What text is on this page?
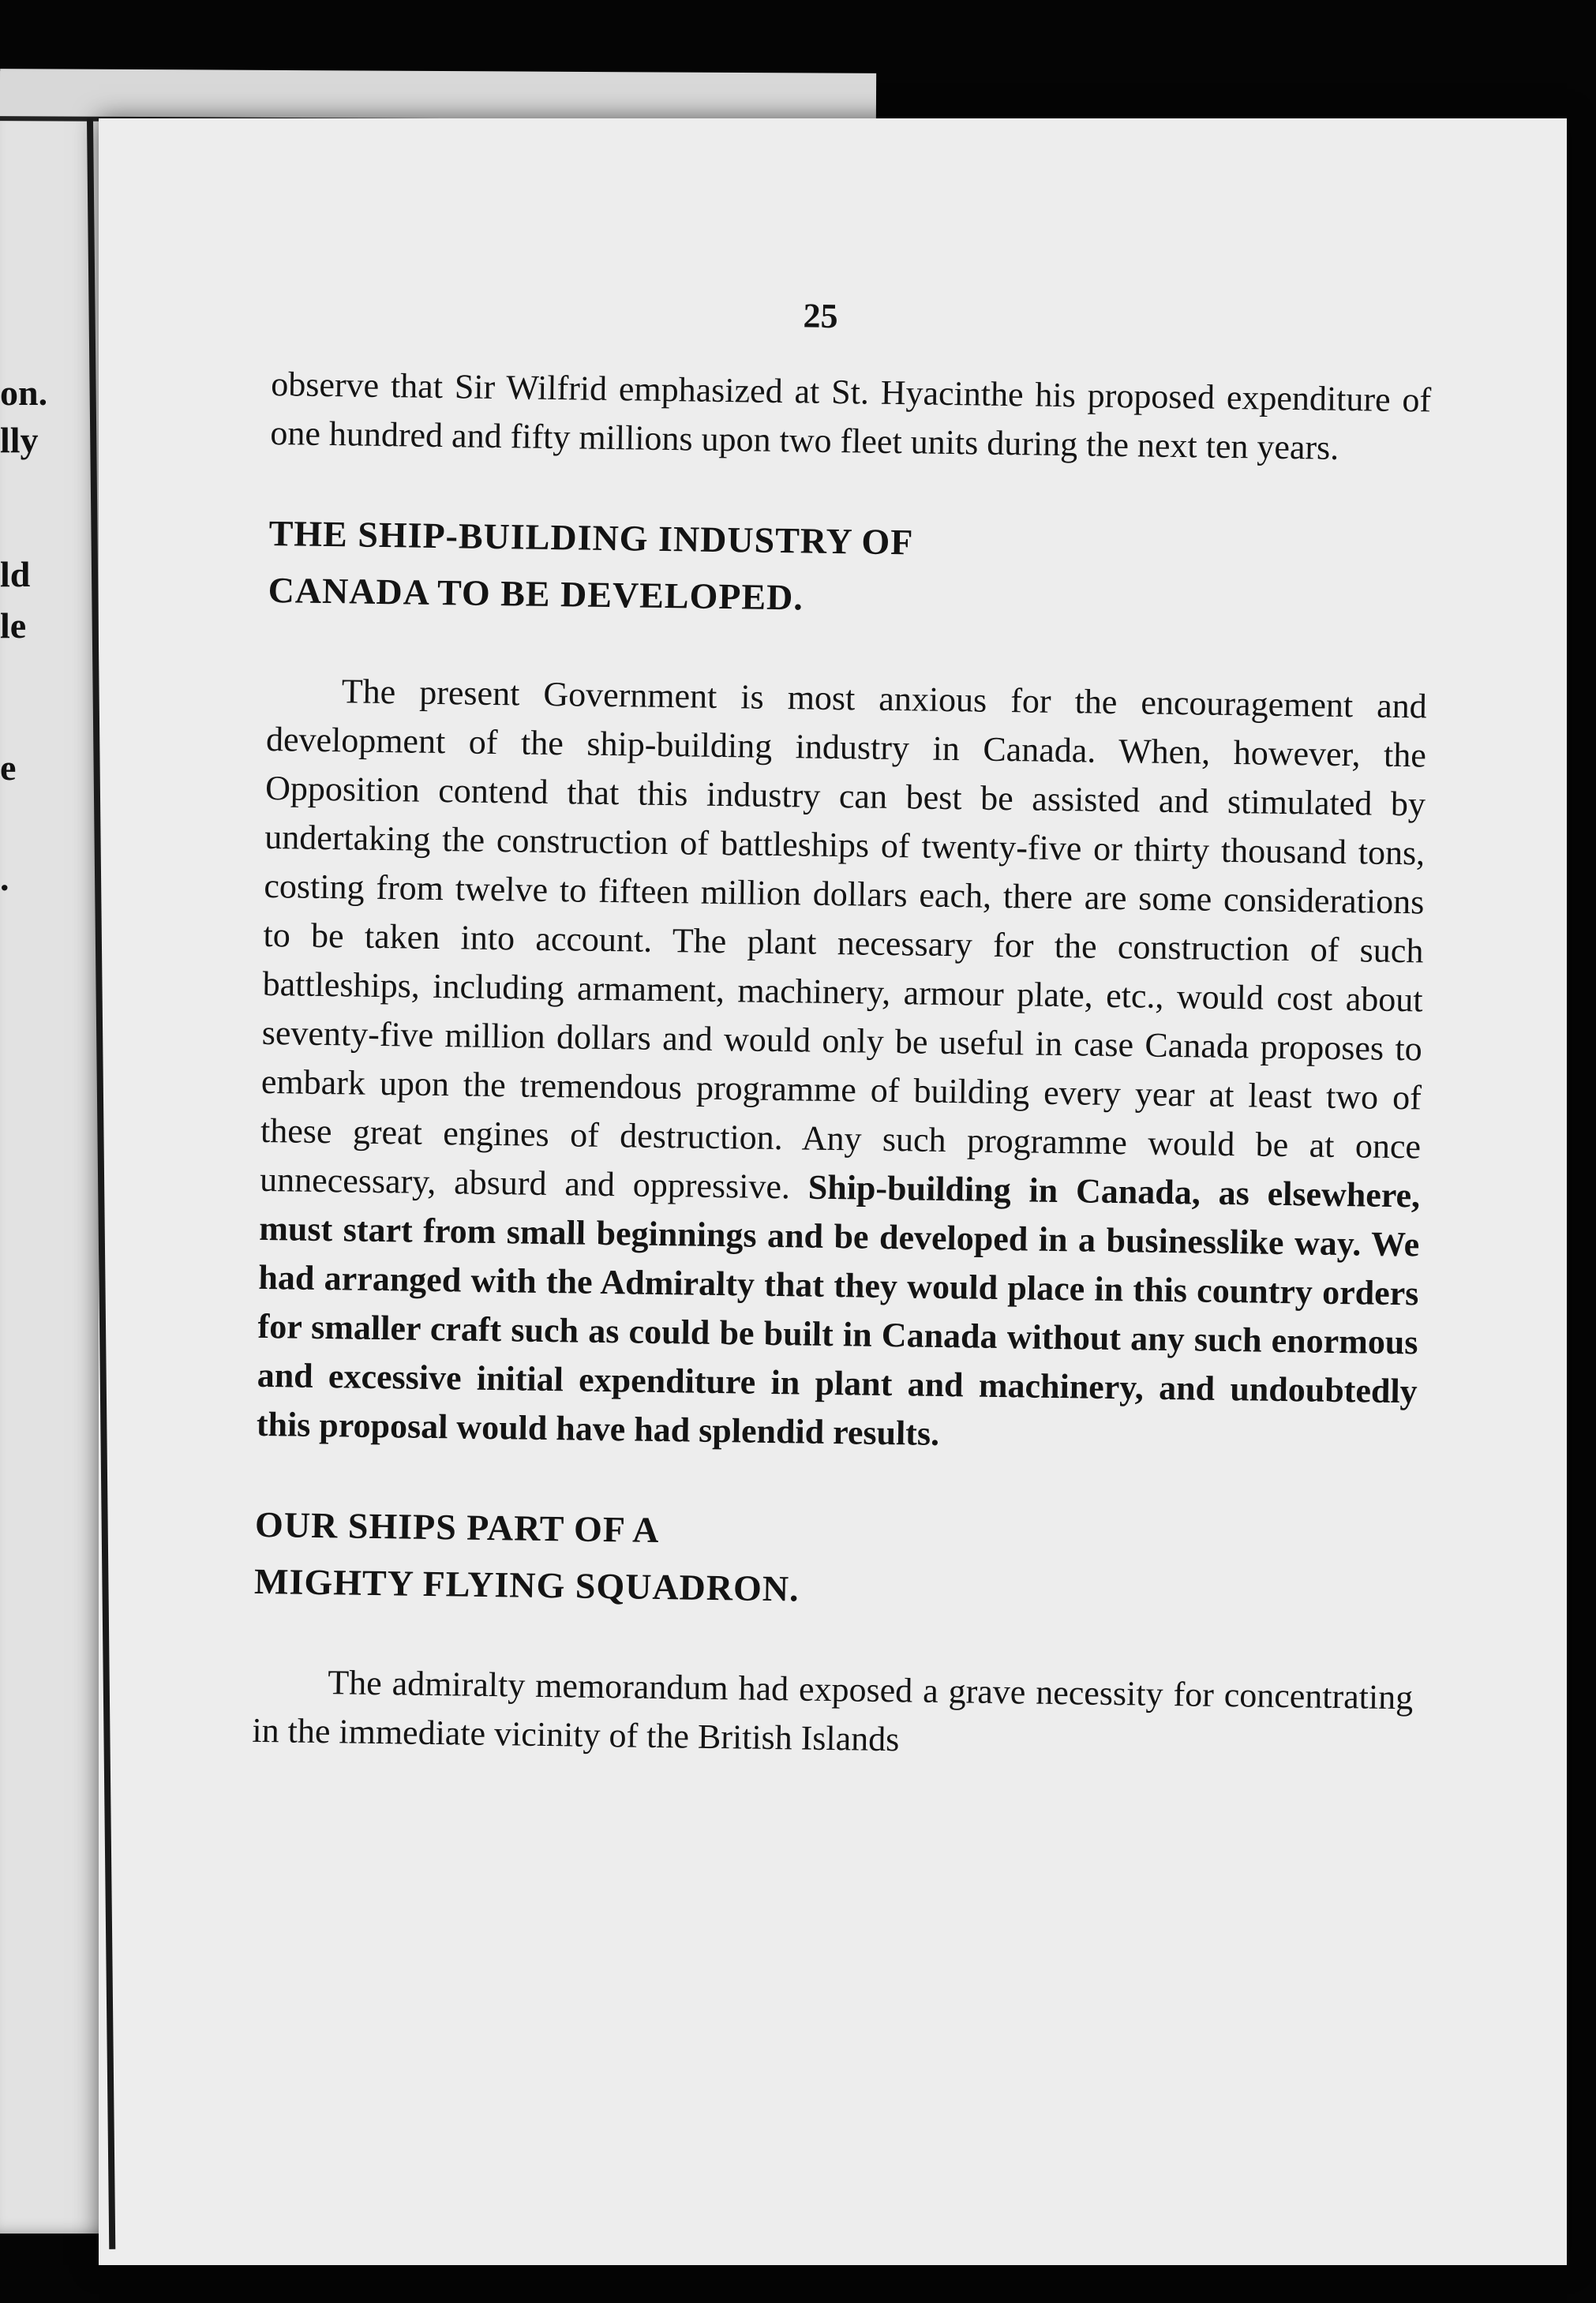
on.
lly
ld
le
e
.
25

observe that Sir Wilfrid emphasized at St. Hyacinthe his proposed expenditure of one hundred and fifty millions upon two fleet units during the next ten years.

THE SHIP-BUILDING INDUSTRY OF
CANADA TO BE DEVELOPED.

The present Government is most anxious for the encouragement and development of the ship-building industry in Canada. When, however, the Opposition contend that this industry can best be assisted and stimulated by undertaking the construction of battleships of twenty-five or thirty thousand tons, costing from twelve to fifteen million dollars each, there are some considerations to be taken into account. The plant necessary for the construction of such battleships, including armament, machinery, armour plate, etc., would cost about seventy-five million dollars and would only be useful in case Canada proposes to embark upon the tremendous programme of building every year at least two of these great engines of destruction. Any such programme would be at once unnecessary, absurd and oppressive. Ship-building in Canada, as elsewhere, must start from small beginnings and be developed in a businesslike way. We had arranged with the Admiralty that they would place in this country orders for smaller craft such as could be built in Canada without any such enormous and excessive initial expenditure in plant and machinery, and undoubtedly this proposal would have had splendid results.

OUR SHIPS PART OF A
MIGHTY FLYING SQUADRON.

The admiralty memorandum had exposed a grave necessity for concentrating in the immediate vicinity of the British Islands
